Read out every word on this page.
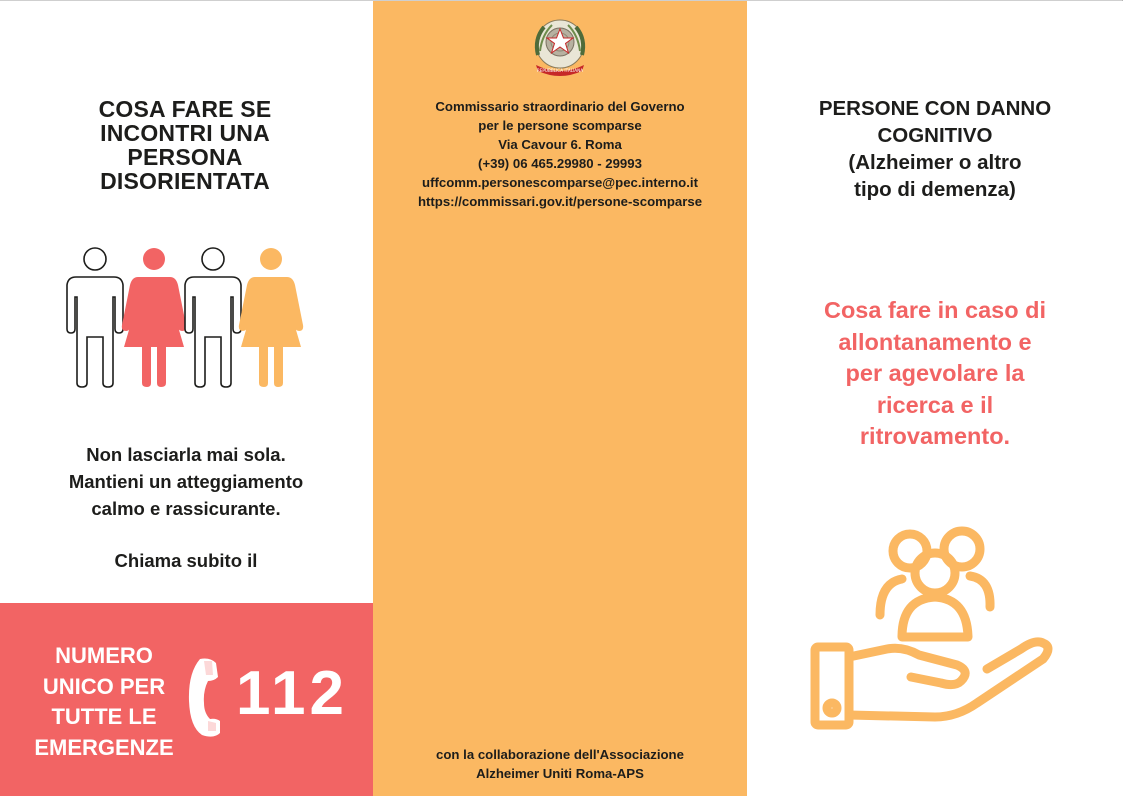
COSA FARE SE INCONTRI UNA PERSONA DISORIENTATA
Non lasciarla mai sola.
Mantieni un atteggiamento
calmo e rassicurante.
Chiama subito il
NUMERO
UNICO PER
TUTTE LE
EMERGENZE
112
REPUBBLICA ITALIANA
Commissario straordinario del Governo
per le persone scomparse
Via Cavour 6. Roma
(+39) 06 465.29980 - 29993
uffcomm.personescomparse@pec.interno.it
https://commissari.gov.it/persone-scomparse
con la collaborazione dell'Associazione
Alzheimer Uniti Roma-APS
PERSONE CON DANNO
COGNITIVO
(Alzheimer o altro
tipo di demenza)
Cosa fare in caso di
allontanamento e
per agevolare la
ricerca e il
ritrovamento.
